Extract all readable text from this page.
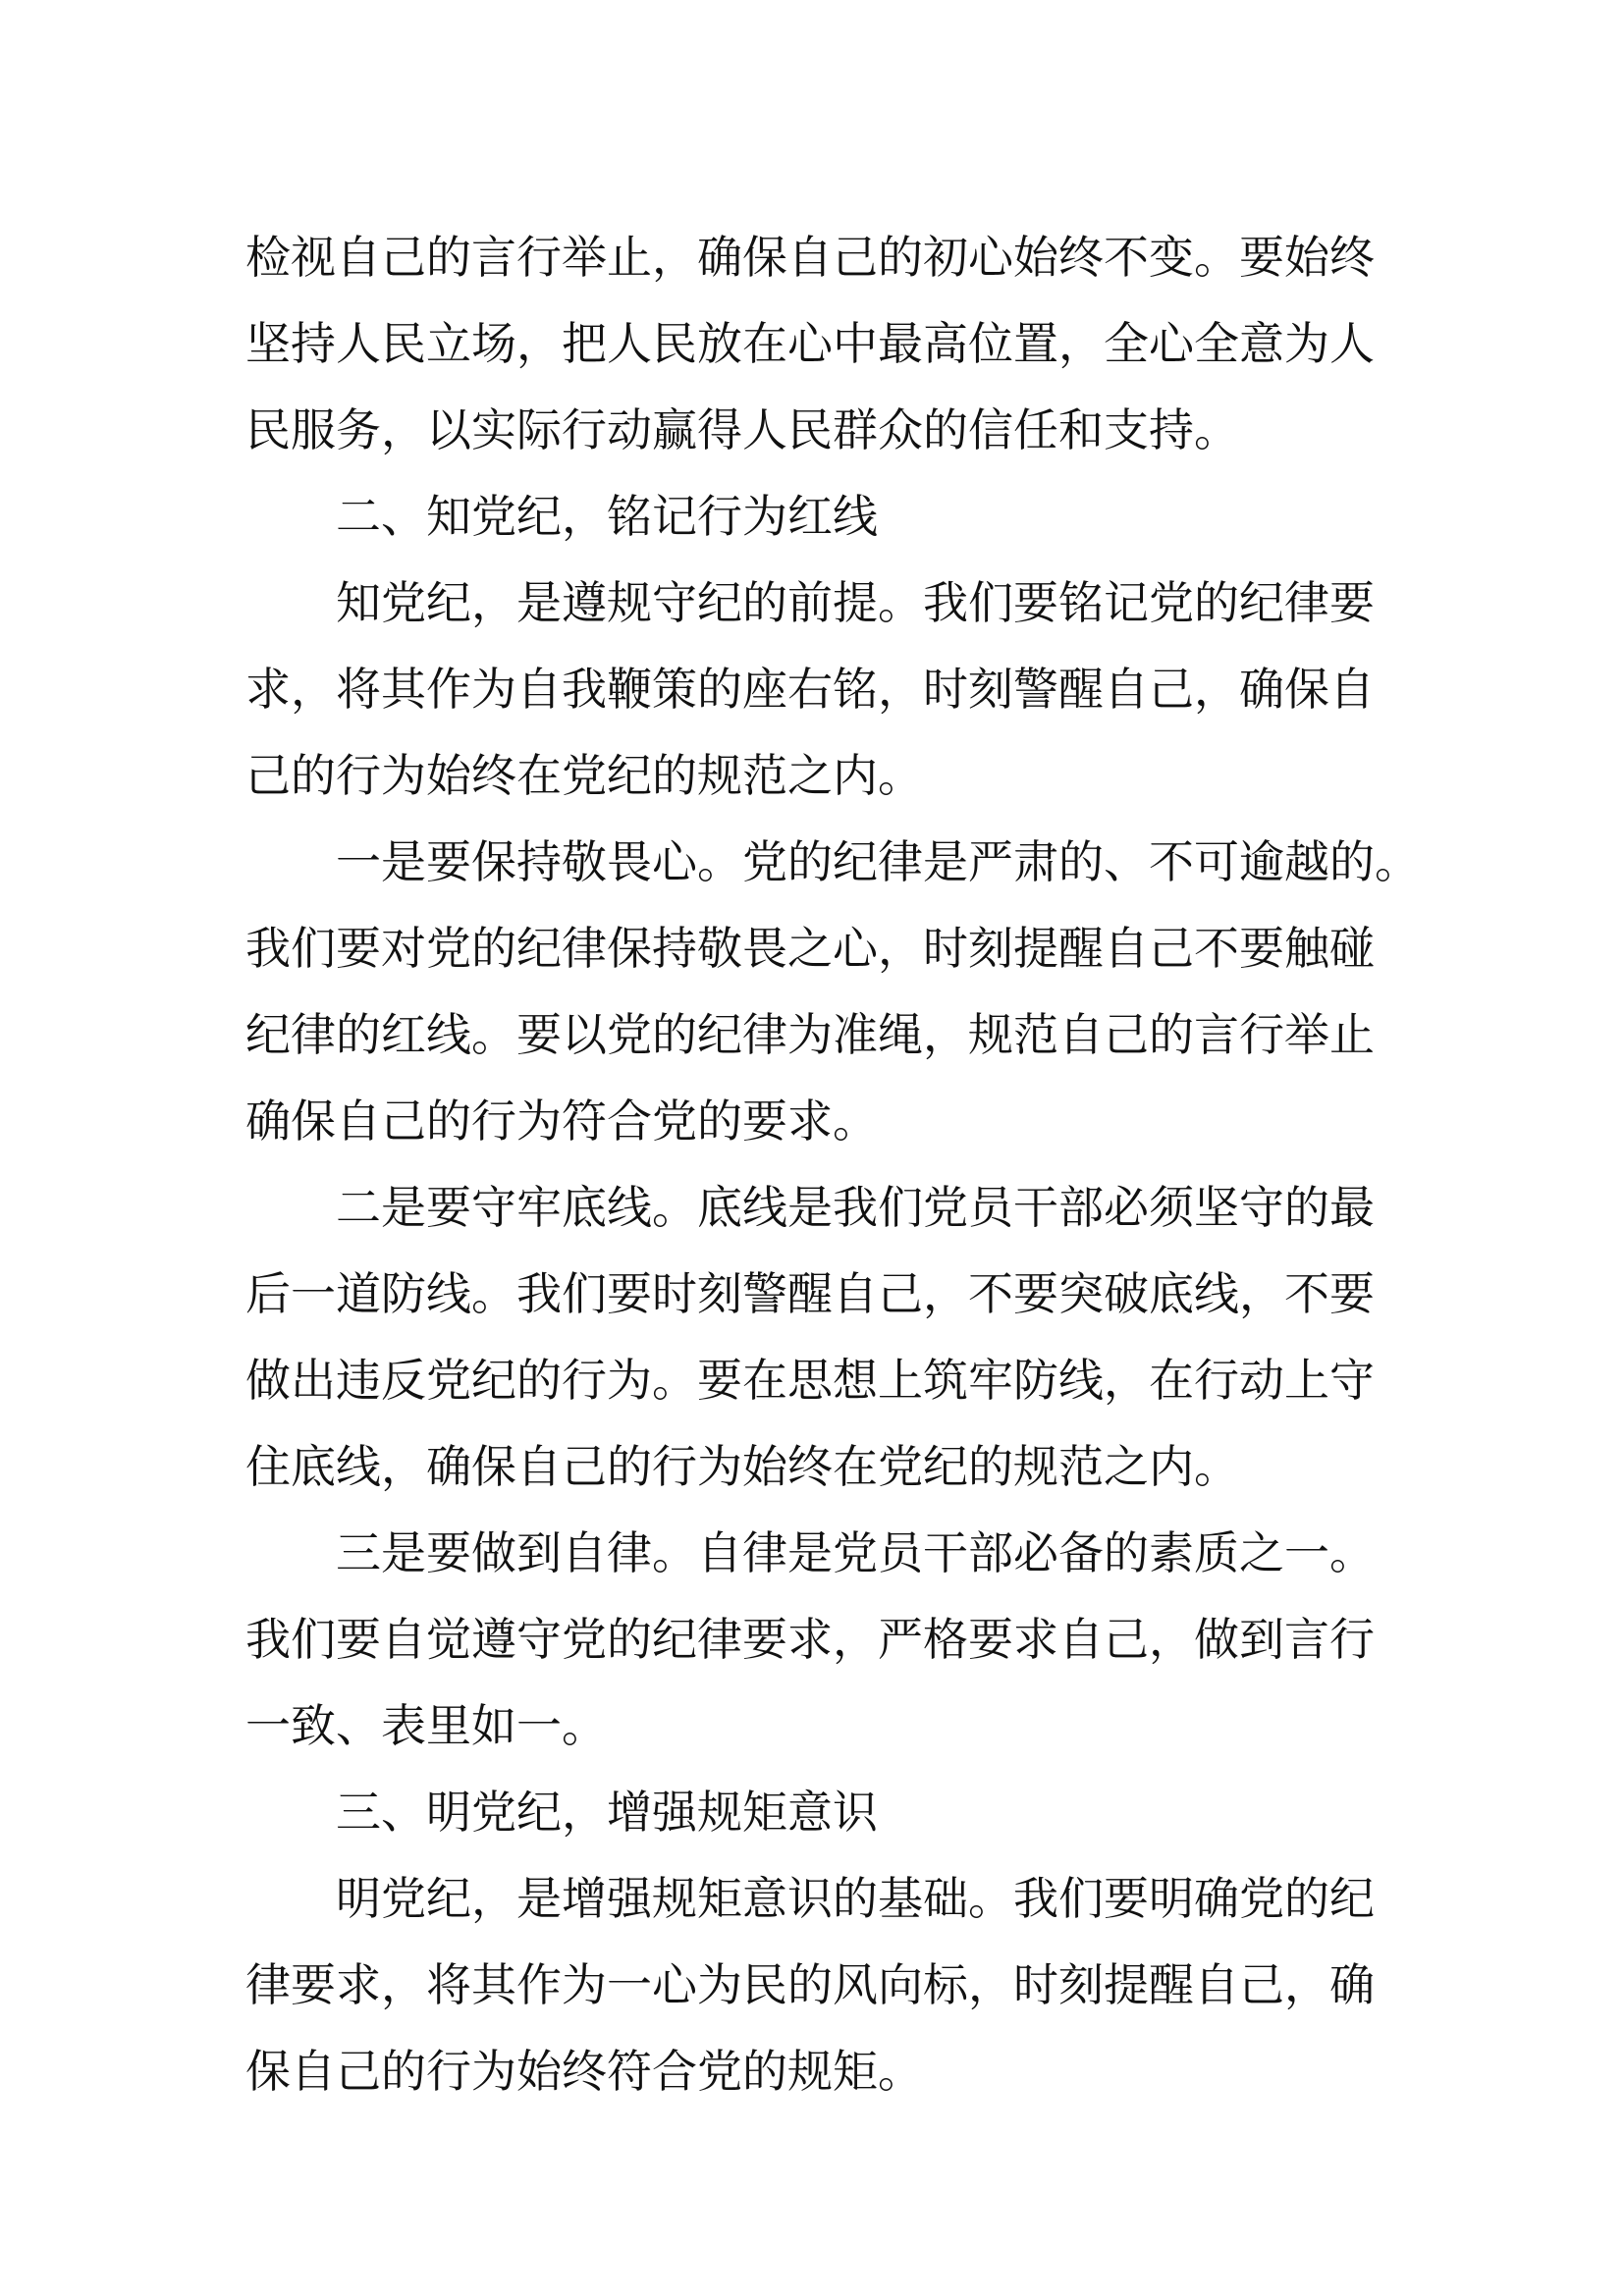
检视自己的言行举止，确保自己的初心始终不变。要始终
坚持人民立场，把人民放在心中最高位置，全心全意为人
民服务，以实际行动赢得人民群众的信任和支持。
二、知党纪，铭记行为红线
知党纪，是遵规守纪的前提。我们要铭记党的纪律要
求，将其作为自我鞭策的座右铭，时刻警醒自己，确保自
己的行为始终在党纪的规范之内。
一是要保持敬畏心。党的纪律是严肃的、不可逾越的。
我们要对党的纪律保持敬畏之心，时刻提醒自己不要触碰
纪律的红线。要以党的纪律为准绳，规范自己的言行举止
确保自己的行为符合党的要求。
二是要守牢底线。底线是我们党员干部必须坚守的最
后一道防线。我们要时刻警醒自己，不要突破底线，不要
做出违反党纪的行为。要在思想上筑牢防线，在行动上守
住底线，确保自己的行为始终在党纪的规范之内。
三是要做到自律。自律是党员干部必备的素质之一。
我们要自觉遵守党的纪律要求，严格要求自己，做到言行
一致、表里如一。
三、明党纪，增强规矩意识
明党纪，是增强规矩意识的基础。我们要明确党的纪
律要求，将其作为一心为民的风向标，时刻提醒自己，确
保自己的行为始终符合党的规矩。
